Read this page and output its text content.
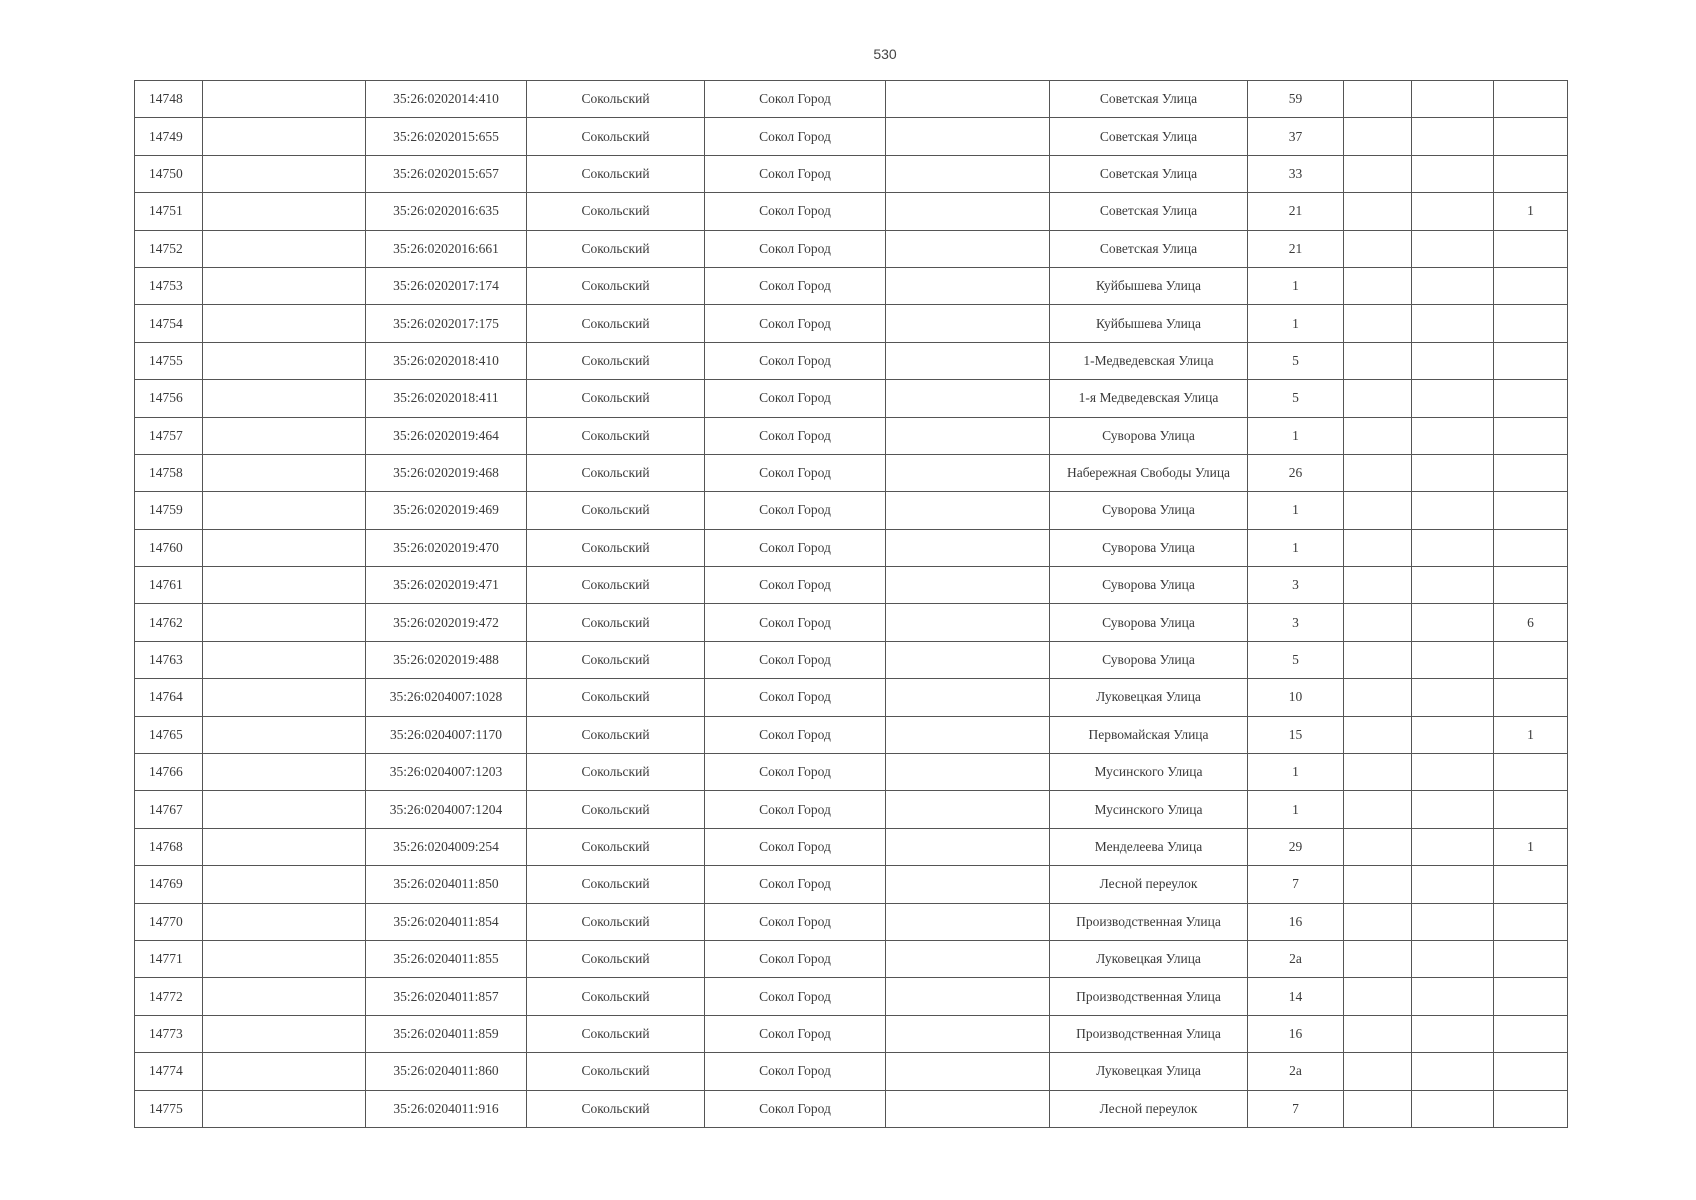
530
14748		35:26:0202014:410	Сокольский	Сокол Город		Советская Улица	59			
14749		35:26:0202015:655	Сокольский	Сокол Город		Советская Улица	37			
14750		35:26:0202015:657	Сокольский	Сокол Город		Советская Улица	33			
14751		35:26:0202016:635	Сокольский	Сокол Город		Советская Улица	21			1
14752		35:26:0202016:661	Сокольский	Сокол Город		Советская Улица	21			
14753		35:26:0202017:174	Сокольский	Сокол Город		Куйбышева Улица	1			
14754		35:26:0202017:175	Сокольский	Сокол Город		Куйбышева Улица	1			
14755		35:26:0202018:410	Сокольский	Сокол Город		1-Медведевская Улица	5			
14756		35:26:0202018:411	Сокольский	Сокол Город		1-я Медведевская Улица	5			
14757		35:26:0202019:464	Сокольский	Сокол Город		Суворова Улица	1			
14758		35:26:0202019:468	Сокольский	Сокол Город		Набережная Свободы Улица	26			
14759		35:26:0202019:469	Сокольский	Сокол Город		Суворова Улица	1			
14760		35:26:0202019:470	Сокольский	Сокол Город		Суворова Улица	1			
14761		35:26:0202019:471	Сокольский	Сокол Город		Суворова Улица	3			
14762		35:26:0202019:472	Сокольский	Сокол Город		Суворова Улица	3			6
14763		35:26:0202019:488	Сокольский	Сокол Город		Суворова Улица	5			
14764		35:26:0204007:1028	Сокольский	Сокол Город		Луковецкая Улица	10			
14765		35:26:0204007:1170	Сокольский	Сокол Город		Первомайская Улица	15			1
14766		35:26:0204007:1203	Сокольский	Сокол Город		Мусинского Улица	1			
14767		35:26:0204007:1204	Сокольский	Сокол Город		Мусинского Улица	1			
14768		35:26:0204009:254	Сокольский	Сокол Город		Менделеева Улица	29			1
14769		35:26:0204011:850	Сокольский	Сокол Город		Лесной переулок	7			
14770		35:26:0204011:854	Сокольский	Сокол Город		Производственная Улица	16			
14771		35:26:0204011:855	Сокольский	Сокол Город		Луковецкая Улица	2а			
14772		35:26:0204011:857	Сокольский	Сокол Город		Производственная Улица	14			
14773		35:26:0204011:859	Сокольский	Сокол Город		Производственная Улица	16			
14774		35:26:0204011:860	Сокольский	Сокол Город		Луковецкая Улица	2а			
14775		35:26:0204011:916	Сокольский	Сокол Город		Лесной переулок	7			
